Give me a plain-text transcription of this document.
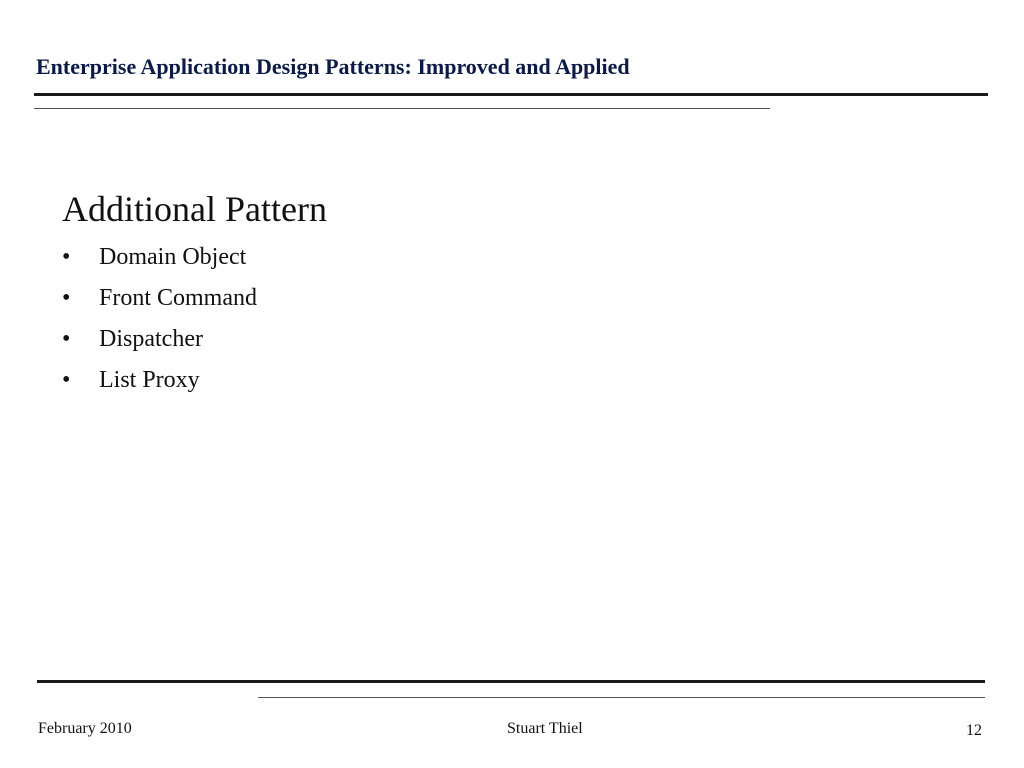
Enterprise Application Design Patterns: Improved and Applied
Additional Pattern
•	Domain Object
•	Front Command
•	Dispatcher
•	List Proxy
February 2010	Stuart Thiel	12
